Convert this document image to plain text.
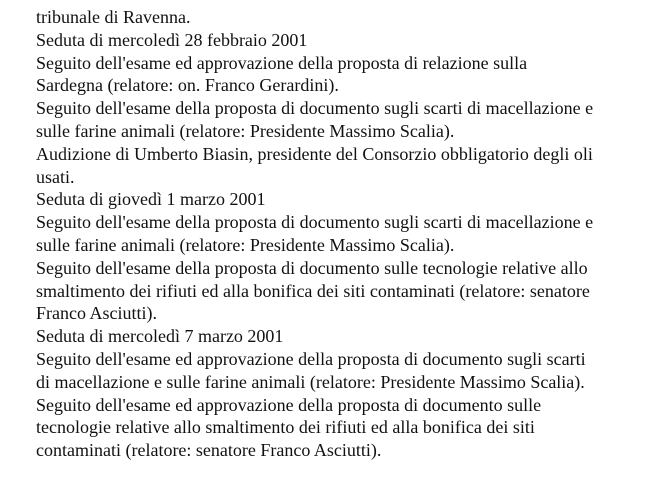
tribunale di Ravenna.
Seduta di mercoledì 28 febbraio 2001
Seguito dell'esame ed approvazione della proposta di relazione sulla
Sardegna (relatore: on. Franco Gerardini).
Seguito dell'esame della proposta di documento sugli scarti di macellazione e
sulle farine animali (relatore: Presidente Massimo Scalia).
Audizione di Umberto Biasin, presidente del Consorzio obbligatorio degli oli
usati.
Seduta di giovedì 1 marzo 2001
Seguito dell'esame della proposta di documento sugli scarti di macellazione e
sulle farine animali (relatore: Presidente Massimo Scalia).
Seguito dell'esame della proposta di documento sulle tecnologie relative allo
smaltimento dei rifiuti ed alla bonifica dei siti contaminati (relatore: senatore
Franco Asciutti).
Seduta di mercoledì 7 marzo 2001
Seguito dell'esame ed approvazione della proposta di documento sugli scarti
di macellazione e sulle farine animali (relatore: Presidente Massimo Scalia).
Seguito dell'esame ed approvazione della proposta di documento sulle
tecnologie relative allo smaltimento dei rifiuti ed alla bonifica dei siti
contaminati (relatore: senatore Franco Asciutti).
